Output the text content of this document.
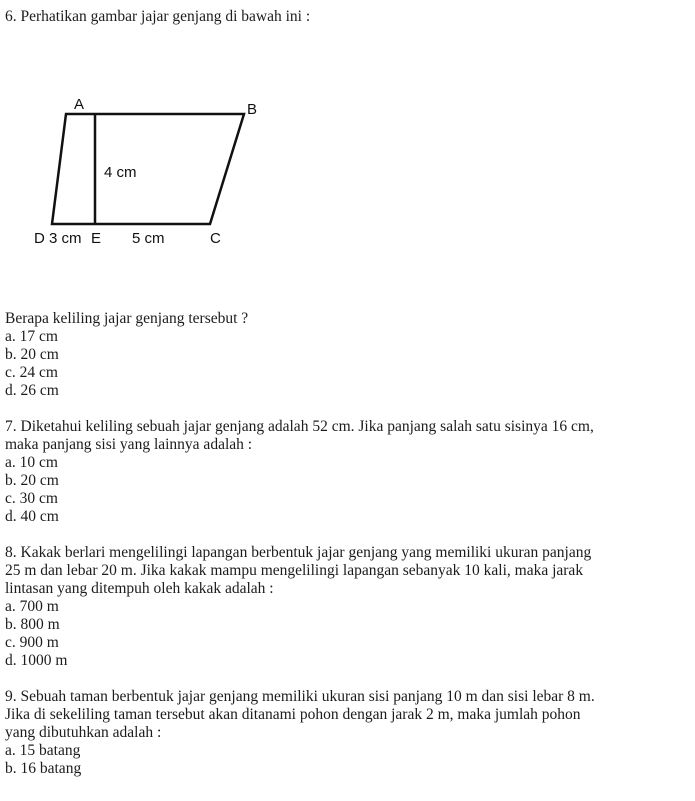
6. Perhatikan gambar jajar genjang di bawah ini :
A	B
C
D	E
4 cm
3 cm	5 cm
Berapa keliling jajar genjang tersebut ?
a. 17 cm
b. 20 cm
c. 24 cm
d. 26 cm
7. Diketahui keliling sebuah jajar genjang adalah 52 cm. Jika panjang salah satu sisinya 16 cm,
maka panjang sisi yang lainnya adalah :
a. 10 cm
b. 20 cm
c. 30 cm
d. 40 cm
8. Kakak berlari mengelilingi lapangan berbentuk jajar genjang yang memiliki ukuran panjang
25 m dan lebar 20 m. Jika kakak mampu mengelilingi lapangan sebanyak 10 kali, maka jarak
lintasan yang ditempuh oleh kakak adalah :
a. 700 m
b. 800 m
c. 900 m
d. 1000 m
9. Sebuah taman berbentuk jajar genjang memiliki ukuran sisi panjang 10 m dan sisi lebar 8 m.
Jika di sekeliling taman tersebut akan ditanami pohon dengan jarak 2 m, maka jumlah pohon
yang dibutuhkan adalah :
a. 15 batang
b. 16 batang
